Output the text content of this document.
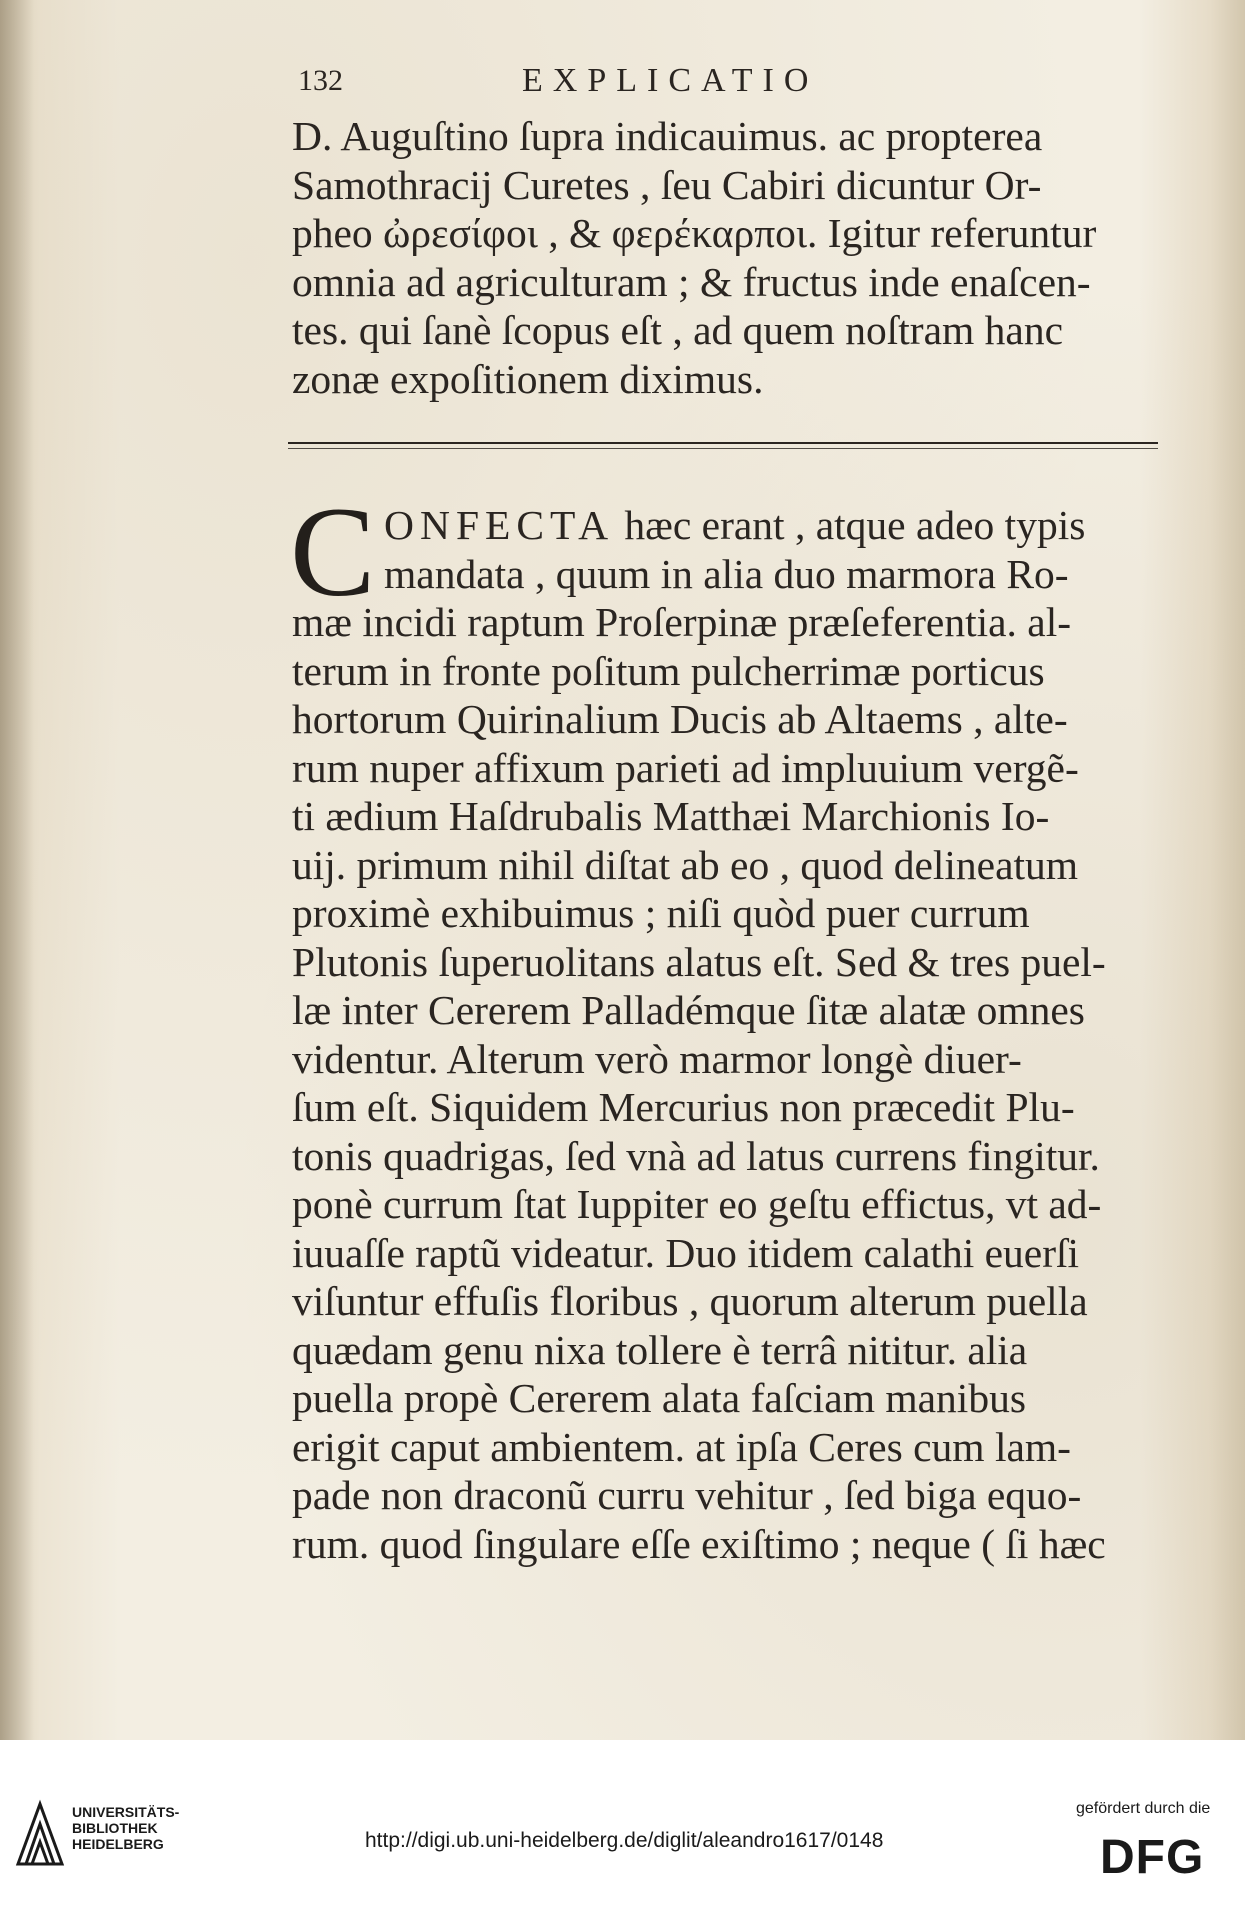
132	EXPLICATIO

D. Auguſtino ſupra indicauimus. ac propterea
Samothracij Curetes , ſeu Cabiri dicuntur Or-
pheo ὠρεσίφοι , & φερέκαρποι. Igitur referuntur
omnia ad agriculturam ; & fructus inde enaſcen-
tes. qui ſanè ſcopus eſt , ad quem noſtram hanc
zonæ expoſitionem diximus.

C ONFECTA hæc erant , atque adeo typis
mandata , quum in alia duo marmora Ro-
mæ incidi raptum Proſerpinæ præſeferentia. al-
terum in fronte poſitum pulcherrimæ porticus
hortorum Quirinalium Ducis ab Altaems , alte-
rum nuper affixum parieti ad impluuium vergẽ-
ti ædium Haſdrubalis Matthæi Marchionis Io-
uij. primum nihil diſtat ab eo , quod delineatum
proximè exhibuimus ; niſi quòd puer currum
Plutonis ſuperuolitans alatus eſt. Sed & tres puel-
læ inter Cererem Palladémque ſitæ alatæ omnes
videntur. Alterum verò marmor longè diuer-
ſum eſt. Siquidem Mercurius non præcedit Plu-
tonis quadrigas, ſed vnà ad latus currens fingitur.
ponè currum ſtat Iuppiter eo geſtu effictus, vt ad-
iuuaſſe raptũ videatur. Duo itidem calathi euerſi
viſuntur effuſis floribus , quorum alterum puella
quædam genu nixa tollere è terrâ nititur. alia
puella propè Cererem alata faſciam manibus
erigit caput ambientem. at ipſa Ceres cum lam-
pade non draconũ curru vehitur , ſed biga equo-
rum. quod ſingulare eſſe exiſtimo ; neque ( ſi hæc

UNIVERSITÄTS-
BIBLIOTHEK
HEIDELBERG	http://digi.ub.uni-heidelberg.de/diglit/aleandro1617/0148
gefördert durch die
DFG
